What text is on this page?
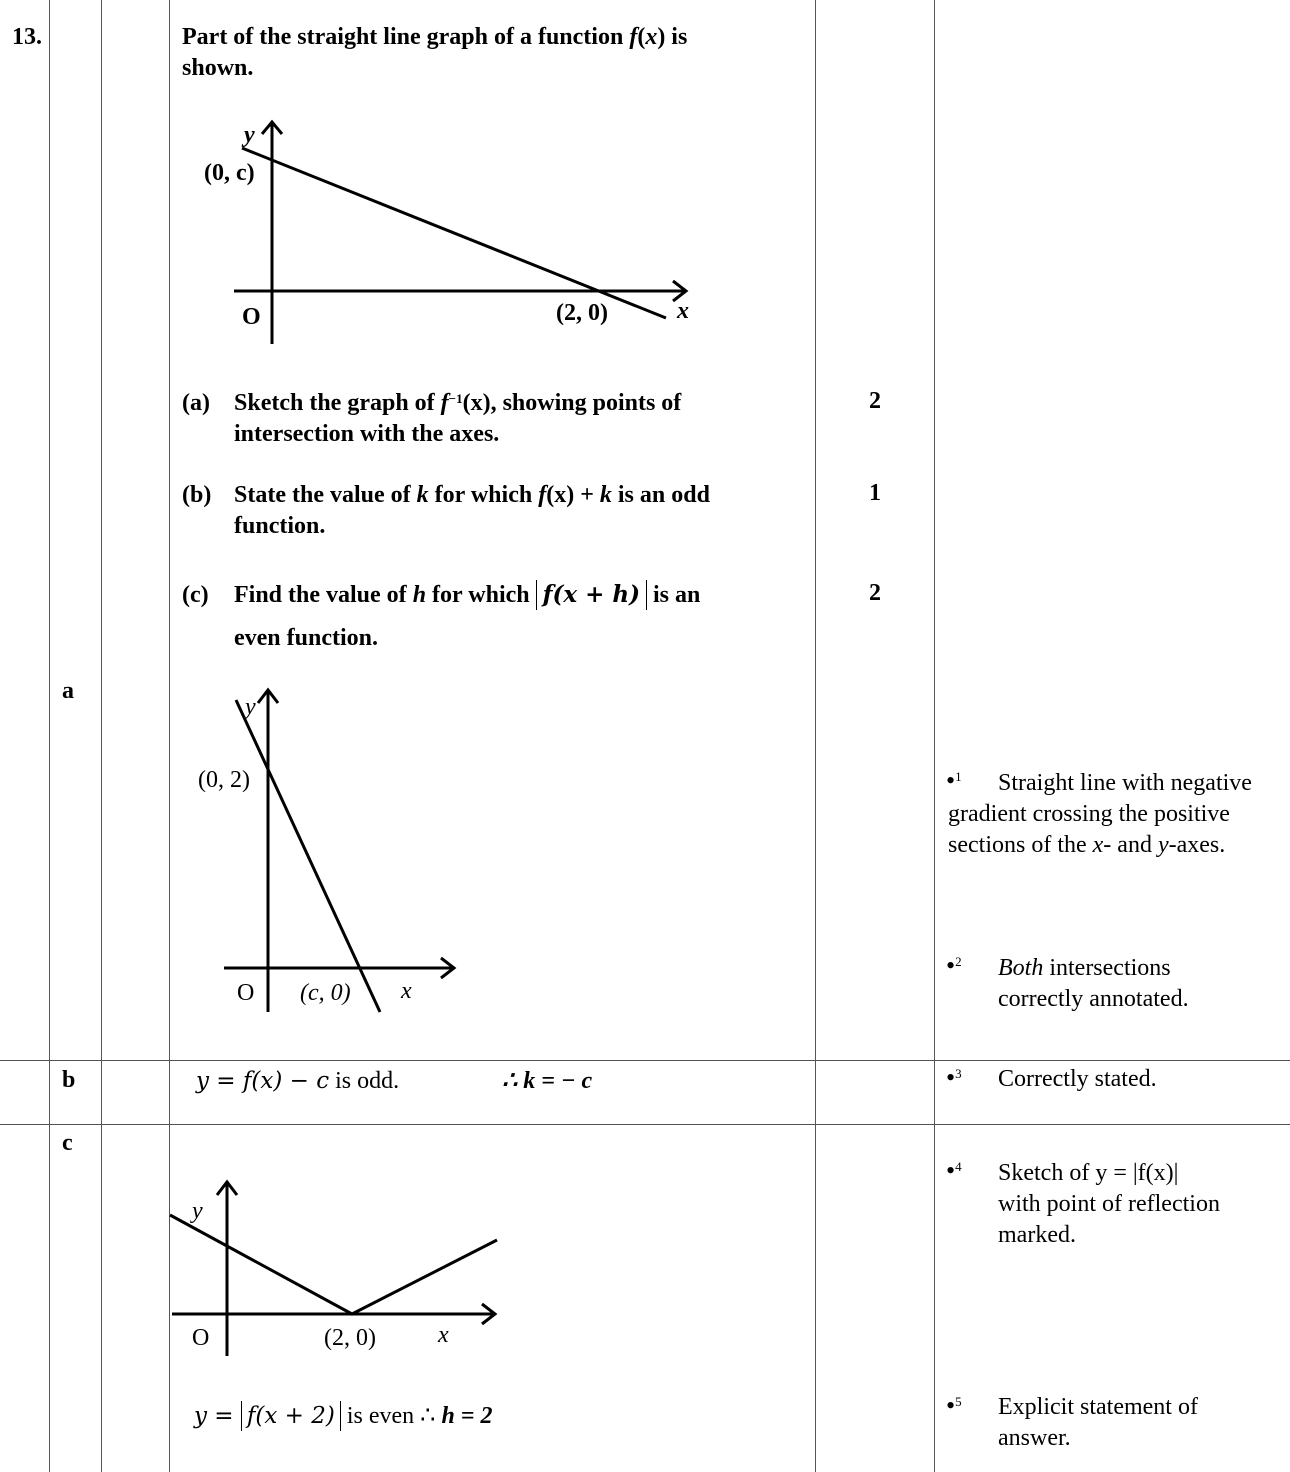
13.	Part of the straight line graph of a function f(x) is
shown.
y
(0, c)
O	(2, 0)	x
(a) Sketch the graph of $f^{-1}(x)$, showing points of
intersection with the axes.
2
(b) State the value of k for which f(x) + k is an odd
function.
1
(c) Find the value of h for which f(x + h) is an
even function.
2
a
y
(0, 2)
O (c, 0) x
•$^1$	Straight line with negative
gradient crossing the positive
sections of the x- and y-axes.
•$^2$ Both intersections
correctly annotated.
b	y = f(x) − c is odd.	∴ k = − c	•$^3$ Correctly stated.
c
y
O	(2, 0)	x
y = f(x + 2) is even ∴ h = 2
•$^4$ Sketch of y = |f(x)|
with point of reflection
marked.
•$^5$ Explicit statement of
answer.
